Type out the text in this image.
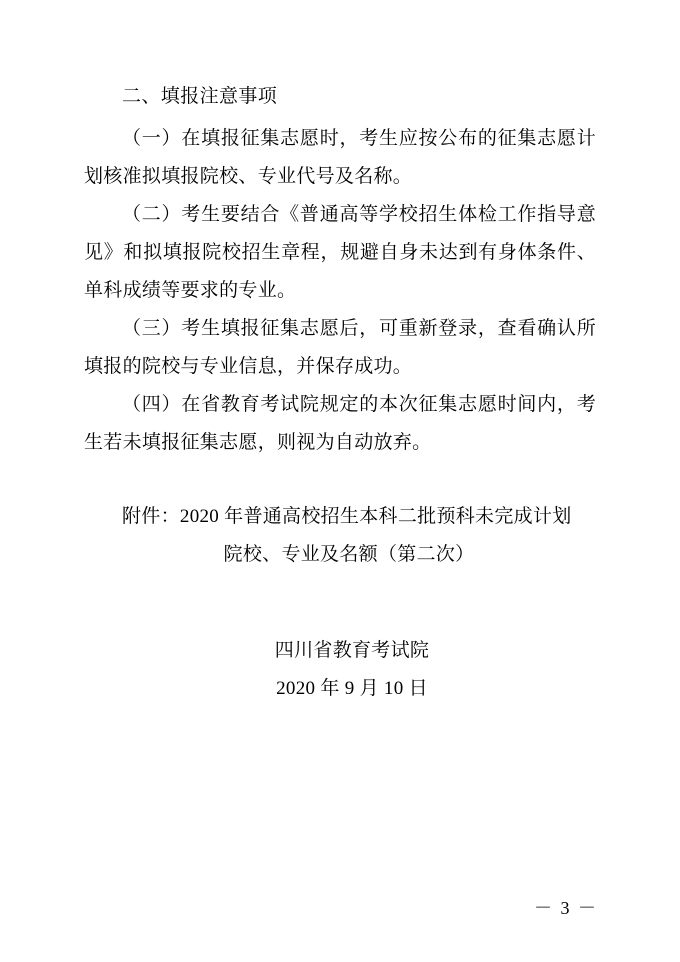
二、填报注意事项

（一）在填报征集志愿时，考生应按公布的征集志愿计划核准拟填报院校、专业代号及名称。

（二）考生要结合《普通高等学校招生体检工作指导意见》和拟填报院校招生章程，规避自身未达到有身体条件、单科成绩等要求的专业。

（三）考生填报征集志愿后，可重新登录，查看确认所填报的院校与专业信息，并保存成功。

（四）在省教育考试院规定的本次征集志愿时间内，考生若未填报征集志愿，则视为自动放弃。

附件：2020 年普通高校招生本科二批预科未完成计划

院校、专业及名额（第二次）

四川省教育考试院

2020 年 9 月 10 日

－ 3 －
